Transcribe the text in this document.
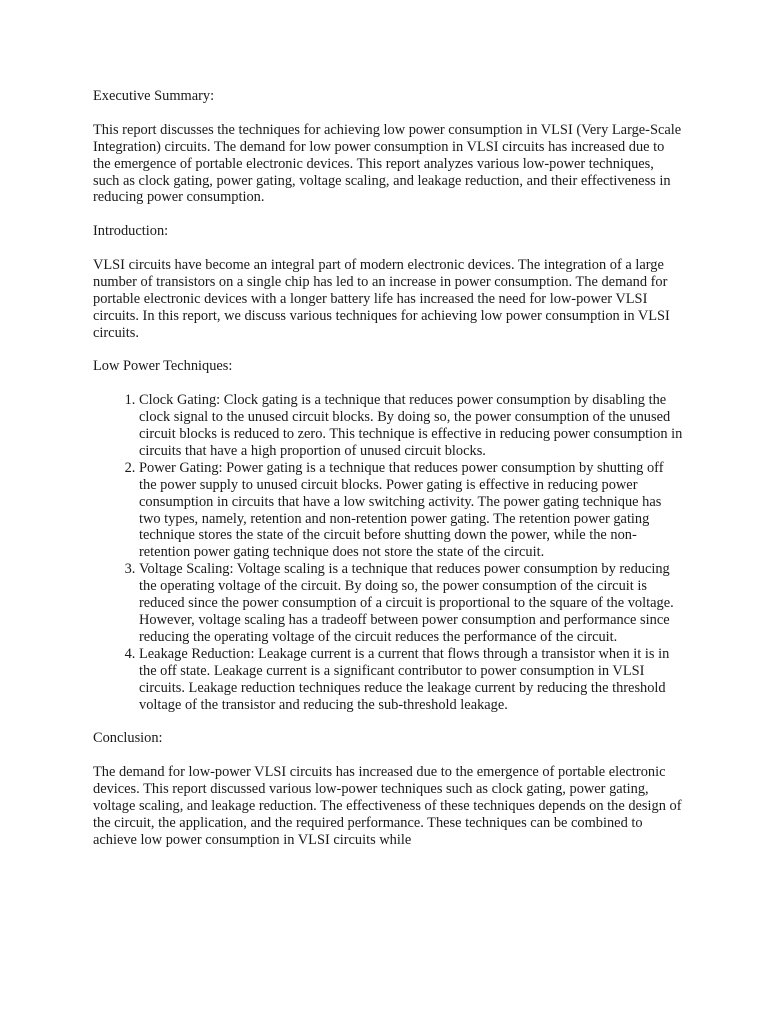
Executive Summary:

This report discusses the techniques for achieving low power consumption in VLSI (Very Large-Scale Integration) circuits. The demand for low power consumption in VLSI circuits has increased due to the emergence of portable electronic devices. This report analyzes various low-power techniques, such as clock gating, power gating, voltage scaling, and leakage reduction, and their effectiveness in reducing power consumption.

Introduction:

VLSI circuits have become an integral part of modern electronic devices. The integration of a large number of transistors on a single chip has led to an increase in power consumption. The demand for portable electronic devices with a longer battery life has increased the need for low-power VLSI circuits. In this report, we discuss various techniques for achieving low power consumption in VLSI circuits.

Low Power Techniques:

1. Clock Gating: Clock gating is a technique that reduces power consumption by disabling the clock signal to the unused circuit blocks. By doing so, the power consumption of the unused circuit blocks is reduced to zero. This technique is effective in reducing power consumption in circuits that have a high proportion of unused circuit blocks.
2. Power Gating: Power gating is a technique that reduces power consumption by shutting off the power supply to unused circuit blocks. Power gating is effective in reducing power consumption in circuits that have a low switching activity. The power gating technique has two types, namely, retention and non-retention power gating. The retention power gating technique stores the state of the circuit before shutting down the power, while the non-retention power gating technique does not store the state of the circuit.
3. Voltage Scaling: Voltage scaling is a technique that reduces power consumption by reducing the operating voltage of the circuit. By doing so, the power consumption of the circuit is reduced since the power consumption of a circuit is proportional to the square of the voltage. However, voltage scaling has a tradeoff between power consumption and performance since reducing the operating voltage of the circuit reduces the performance of the circuit.
4. Leakage Reduction: Leakage current is a current that flows through a transistor when it is in the off state. Leakage current is a significant contributor to power consumption in VLSI circuits. Leakage reduction techniques reduce the leakage current by reducing the threshold voltage of the transistor and reducing the sub-threshold leakage.

Conclusion:

The demand for low-power VLSI circuits has increased due to the emergence of portable electronic devices. This report discussed various low-power techniques such as clock gating, power gating, voltage scaling, and leakage reduction. The effectiveness of these techniques depends on the design of the circuit, the application, and the required performance. These techniques can be combined to achieve low power consumption in VLSI circuits while
